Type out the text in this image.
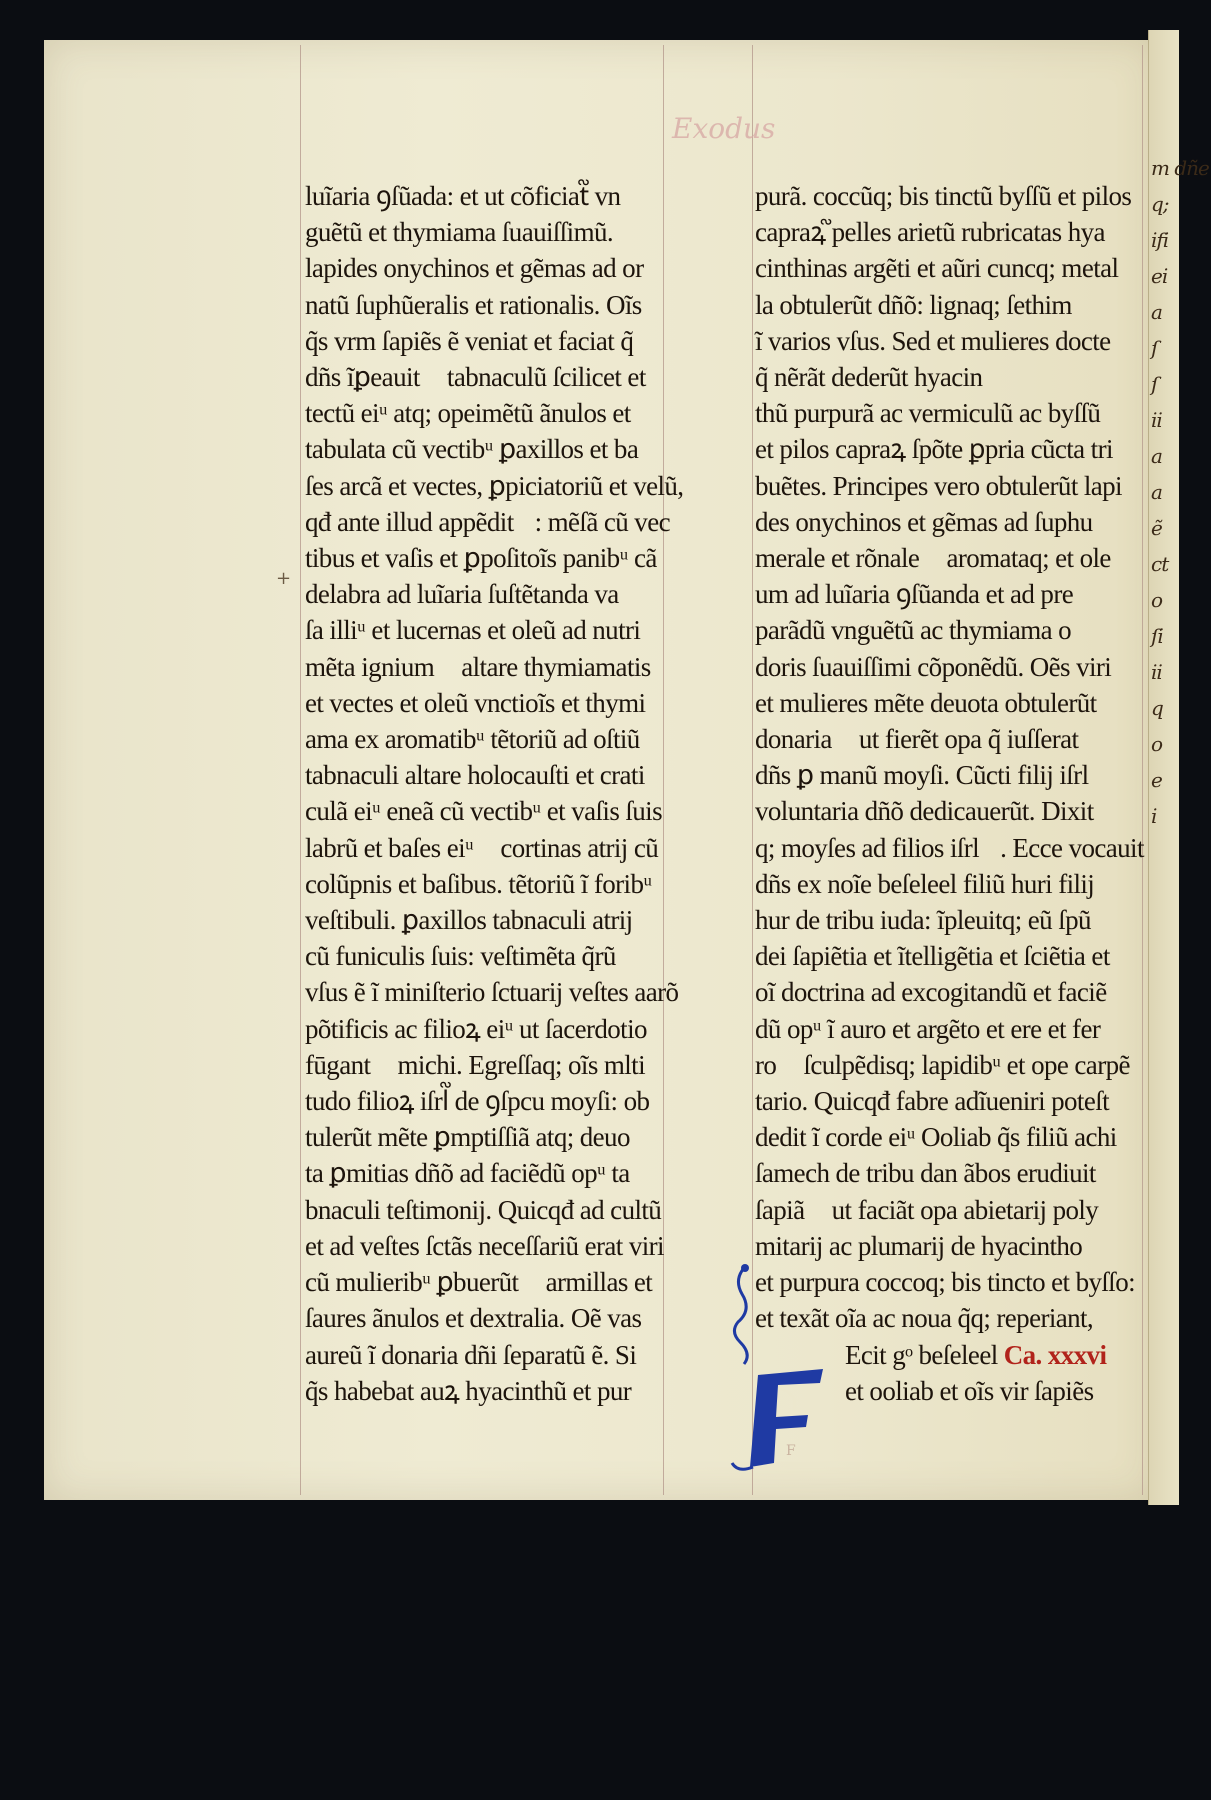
m dñe
q;
ifi
ei
a
ſ
ſ
ii
a
a
ẽ
ct
o
ſi
ii
q
o
e
i
Exodus
+
luĩaria ꝯſũada: et ut cõficiat᷑ vn
guẽtũ et thymiama ſuauiſſimũ.
lapides onychinos et gẽmas ad or
natũ ſuphũeralis et rationalis. Oĩs
q̃s vrm ſapiẽs ẽ veniat et faciat q̃
dñs ĩꝑeauit᷑ tabnaculũ ſcilicet et
tectũ eiᵘ atq; opeimẽtũ ãnulos et
tabulata cũ vectibᵘ ꝑaxillos et ba
ſes arcã et vectes, ꝑpiciatoriũ et velũ,
qđ ante illud appẽdit᷑: mẽſã cũ vec
tibus et vaſis et ꝑpoſitoĩs panibᵘ cã
delabra ad luĩaria ſuſtẽtanda va
ſa illiᵘ et lucernas et oleũ ad nutri
mẽta ignium᷑ altare thymiamatis
et vectes et oleũ vnctioĩs et thymi
ama ex aromatibᵘ tẽtoriũ ad oſtiũ
tabnaculi altare holocauſti et crati
culã eiᵘ eneã cũ vectibᵘ et vaſis ſuis
labrũ et baſes eiᵘ᷑ cortinas atrij cũ
colũpnis et baſibus. tẽtoriũ ĩ foribᵘ
veſtibuli. ꝑaxillos tabnaculi atrij
cũ funiculis ſuis: veſtimẽta q̃rũ
vſus ẽ ĩ miniſterio ſctuarij veſtes aarõ
põtificis ac filioꝝ eiᵘ ut ſacerdotio
fūgant᷑ michi. Egreſſaq; oĩs mlti
tudo filioꝝ iſrl᷑ de ꝯſpcu moyſi: ob
tulerũt mẽte ꝑmptiſſiã atq; deuo
ta ꝑmitias dñõ ad faciẽdũ opᵘ ta
bnaculi teſtimonij. Quicqđ ad cultũ
et ad veſtes ſctãs neceſſariũ erat viri
cũ mulieribᵘ ꝑbuerũt᷑ armillas et
ſaures ãnulos et dextralia. Oẽ vas
aureũ ĩ donaria dñi ſeparatũ ẽ. Si
q̃s habebat auꝝ hyacinthũ et pur
purã. coccũq; bis tinctũ byſſũ et pilos
capraꝝ᷑ pelles arietũ rubricatas hya
cinthinas argẽti et aũri cuncq; metal
la obtulerũt dñõ: lignaq; ſethim
ĩ varios vſus. Sed et mulieres docte
q̃ nẽrãt dederũt hyacin
thũ purpurã ac vermiculũ ac byſſũ
et pilos capraꝝ ſpõte ꝑpria cũcta tri
buẽtes. Principes vero obtulerũt lapi
des onychinos et gẽmas ad ſuphu
merale et rõnale᷑ aromataq; et ole
um ad luĩaria ꝯſũanda et ad pre
parãdũ vnguẽtũ ac thymiama o
doris ſuauiſſimi cõponẽdũ. Oẽs viri
et mulieres mẽte deuota obtulerũt
donaria᷑ ut fierẽt opa q̃ iuſſerat
dñs ꝑ manũ moyſi. Cũcti filij iſrl᷑
voluntaria dñõ dedicauerũt. Dixit
q; moyſes ad filios iſrl᷑. Ecce vocauit
dñs ex noĩe beſeleel filiũ huri filij
hur de tribu iuda: ĩpleuitq; eũ ſpũ
dei ſapiẽtia et ĩtelligẽtia et ſciẽtia et
oĩ doctrina ad excogitandũ et faciẽ
dũ opᵘ ĩ auro et argẽto et ere et fer
ro᷑ ſculpẽdisq; lapidibᵘ et ope carpẽ
tario. Quicqđ fabre adĩueniri poteſt
dedit ĩ corde eiᵘ Ooliab q̃s filiũ achi
ſamech de tribu dan ãbos erudiuit
ſapiã᷑ ut faciãt opa abietarij poly
mitarij ac plumarij de hyacintho
et purpura coccoq; bis tincto et byſſo:
et texãt oĩa ac noua q̃q; reperiant,
Ecit gᵒ beſeleel Ca. xxxvi
et ooliab et oĩs vir ſapiẽs
F
